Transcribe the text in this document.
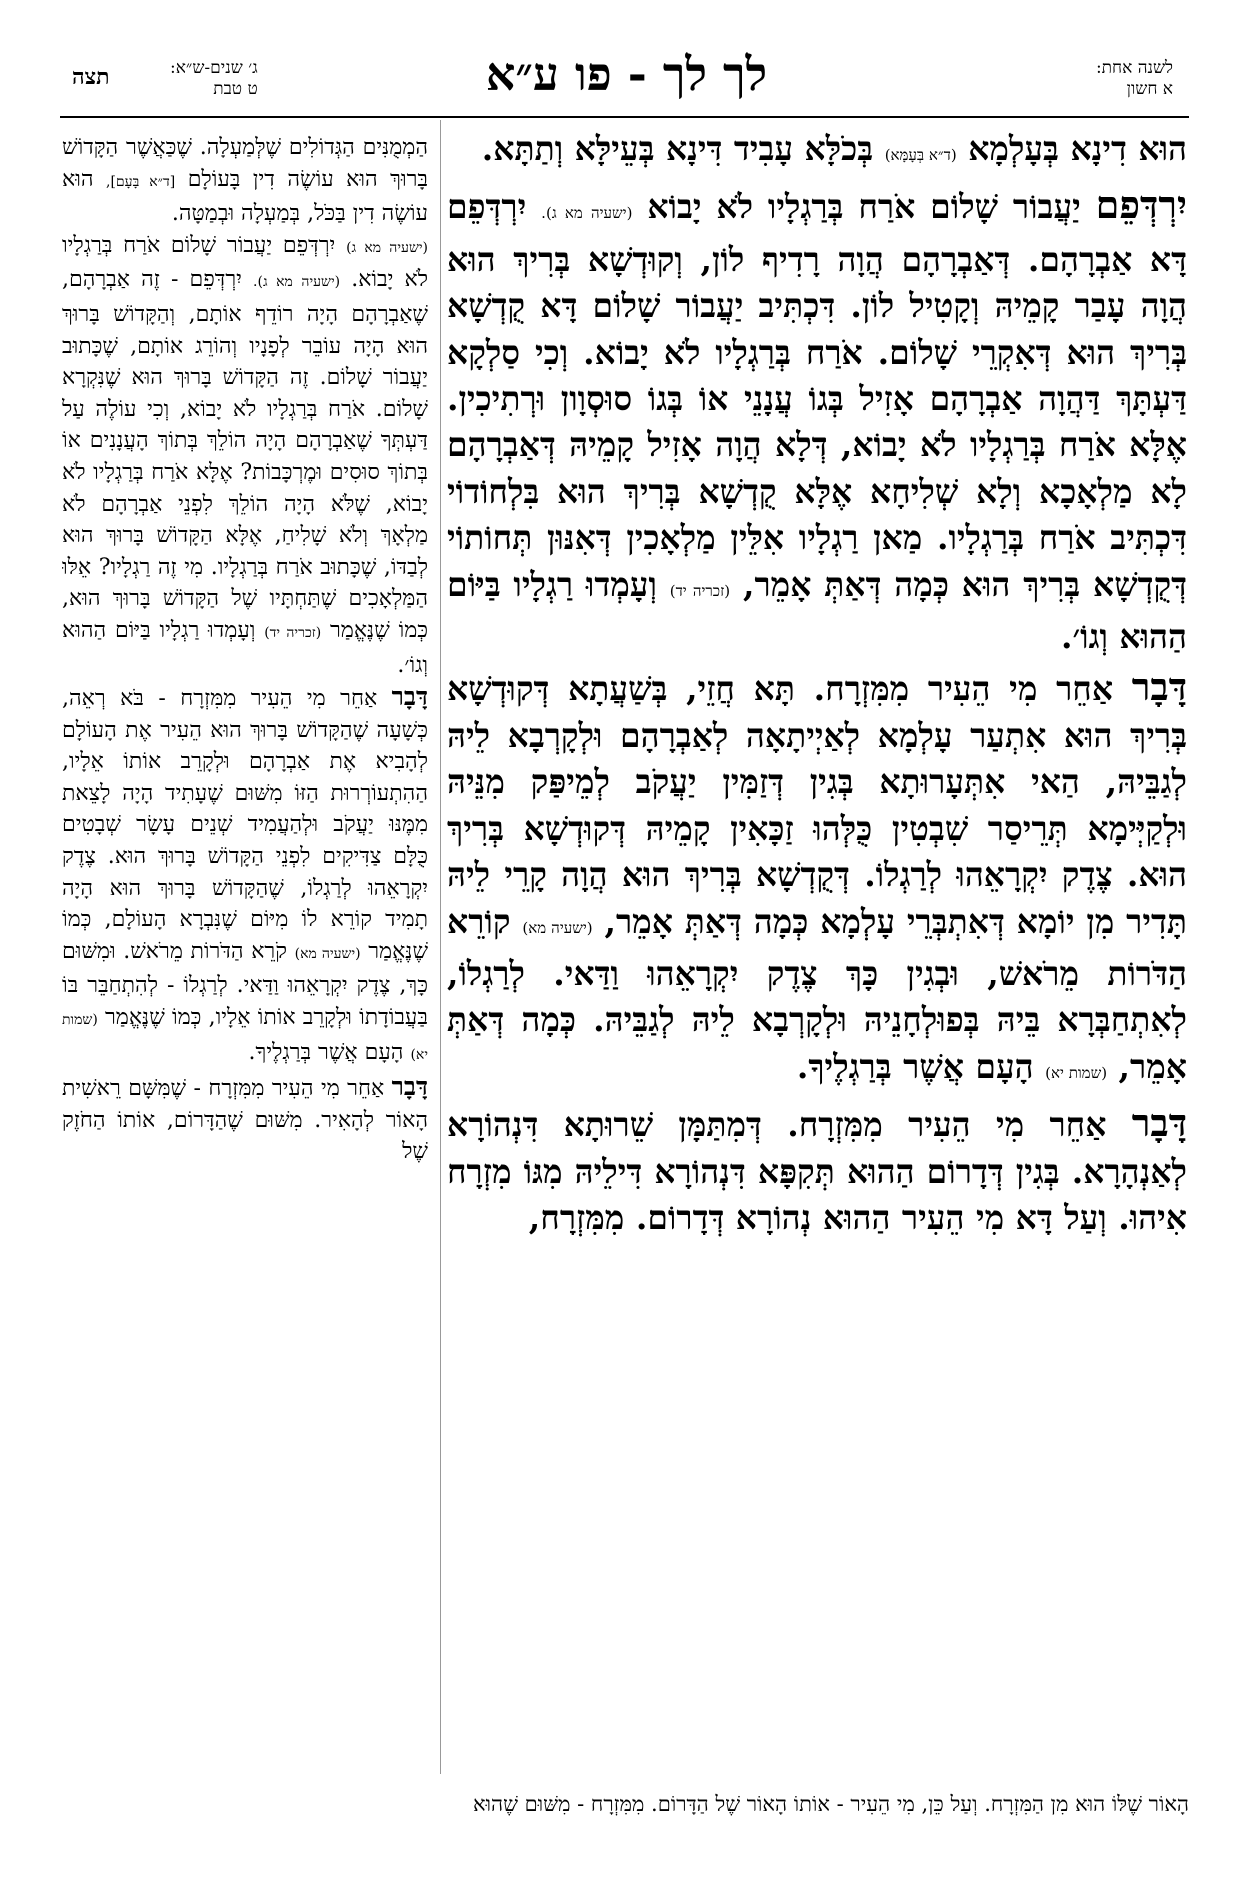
לשנה אחת:
א חשון
לך לך - פו ע״א
ג׳ שנים-ש״א:
ט טבת
תצה

הוּא דִינָא בְּעָלְמָא (ד״א בְּעָמָּא) בְּכֹלָּא עָבִיד דִּינָא בְּעֵילָּא וְתַתָּא.

יִרְדְּפֵם יַעֲבוֹר שָׁלוֹם אֹרַח בְּרַגְלָיו לֹא יָבוֹא (ישעיה מא ג). יִרְדְּפֵם דָּא אַבְרָהָם. דְּאַבְרָהָם הֲוָה רָדִיף לוֹן, וְקוּדְשָׁא בְּרִיךְ הוּא הֲוָה עָבַר קָמֵיהּ וְקָטִיל לוֹן. דִּכְתִּיב יַעֲבוֹר שָׁלוֹם דָּא קֻדְשָׁא בְּרִיךְ הוּא דְּאִקְרֵי שָׁלוֹם. אֹרַח בְּרַגְלָיו לֹא יָבוֹא. וְכִי סַלְקָא דַּעְתָּךְ דַּהֲוָה אַבְרָהָם אָזִיל בְּגוֹ עֲנָנֵי אוֹ בְּגוֹ סוּסְוָון וּרְתִיכִין. אֶלָּא אֹרַח בְּרַגְלָיו לֹא יָבוֹא, דְּלָא הֲוָה אָזִיל קָמֵיהּ דְּאַבְרָהָם לָא מַלְאָכָא וְלָא שְׁלִיחָא אֶלָּא קֻדְשָׁא בְּרִיךְ הוּא בִּלְחוֹדוֹי דִּכְתִּיב אֹרַח בְּרַגְלָיו. מַאן רַגְלָיו אִלֵּין מַלְאָכִין דְּאִנּוּן תְּחוֹתוֹי דְּקֻדְשָׁא בְּרִיךְ הוּא כְּמָה דְּאַתְּ אָמֵר, (זכריה יד) וְעָמְדוּ רַגְלָיו בַּיּוֹם הַהוּא וְגוֹ׳.

דָּבָר אַחֵר מִי הֵעִיר מִמִּזְרָח. תָּא חֲזֵי, בְּשַׁעֲתָא דְּקוּדְשָׁא בְּרִיךְ הוּא אִתְעַר עָלְמָא לְאַיְיתָאָה לְאַבְרָהָם וּלְקָרְבָא לֵיהּ לְגַבֵּיהּ, הַאי אִתְּעָרוּתָא בְּגִין דְּזַמִּין יַעֲקֹב לְמֵיפַּק מִנֵּיהּ וּלְקַיְּימָא תְּרֵיסַר שִׁבְטִין כֻּלְּהוּ זַכָּאִין קָמֵיהּ דְּקוּדְשָׁא בְּרִיךְ הוּא. צֶדֶק יִקְרָאֵהוּ לְרַגְלוֹ. דְּקֻדְשָׁא בְּרִיךְ הוּא הֲוָה קָרֵי לֵיהּ תָּדִיר מִן יוֹמָא דְּאִתְבְּרֵי עָלְמָא כְּמָה דְּאַתְּ אָמֵר, (ישעיה מא) קוֹרֵא הַדֹּרוֹת מֵרֹאשׁ, וּבְגִין כָּךְ צֶדֶק יִקְרָאֵהוּ וַדַּאי. לְרַגְלוֹ, לְאִתְחַבְּרָא בֵּיהּ בְּפוּלְחָנֵיהּ וּלְקָרְבָא לֵיהּ לְגַבֵּיהּ. כְּמָה דְּאַתְּ אָמֵר, (שמות יא) הָעָם אֲשֶׁר בְּרַגְלֶיךָ.

דָּבָר אַחֵר מִי הֵעִיר מִמִּזְרָח. דְּמִתַּמָּן שֵׁרוּתָא דִּנְהוֹרָא לְאַנְהָרָא. בְּגִין דְּדָרוֹם הַהוּא תְּקִפָּא דִּנְהוֹרָא דִּילֵיהּ מִגּוֹ מִזְרָח אִיהוּ. וְעַל דָּא מִי הֵעִיר הַהוּא נְהוֹרָא דְּדָרוֹם. מִמִּזְרָח,

הַמְמֻנִּים הַגְּדוֹלִים שֶׁלְּמַעְלָה. שֶׁכַּאֲשֶׁר הַקָּדוֹשׁ בָּרוּךְ הוּא עוֹשֶׂה דִין בָּעוֹלָם [ד״א בָּעָם], הוּא עוֹשֶׂה דִין בַּכֹּל, בְּמַעְלָה וּבְמַטָּה.

(ישעיה מא ג) יִרְדְּפֵם יַעֲבוֹר שָׁלוֹם אֹרַח בְּרַגְלָיו לֹא יָבוֹא. (ישעיה מא ג). יִרְדְּפֵם - זֶה אַבְרָהָם, שֶׁאַבְרָהָם הָיָה רוֹדֵף אוֹתָם, וְהַקָּדוֹשׁ בָּרוּךְ הוּא הָיָה עוֹבֵר לְפָנָיו וְהוֹרֵג אוֹתָם, שֶׁכָּתוּב יַעֲבוֹר שָׁלוֹם. זֶה הַקָּדוֹשׁ בָּרוּךְ הוּא שֶׁנִּקְרָא שָׁלוֹם. אֹרַח בְּרַגְלָיו לֹא יָבוֹא, וְכִי עוֹלֶה עַל דַּעְתְּךָ שֶׁאַבְרָהָם הָיָה הוֹלֵךְ בְּתוֹךְ הָעֲנָנִים אוֹ בְּתוֹךְ סוּסִים וּמֶרְכָּבוֹת? אֶלָּא אֹרַח בְּרַגְלָיו לֹא יָבוֹא, שֶׁלֹּא הָיָה הוֹלֵךְ לִפְנֵי אַבְרָהָם לֹא מַלְאָךְ וְלֹא שָׁלִיחַ, אֶלָּא הַקָּדוֹשׁ בָּרוּךְ הוּא לְבַדּוֹ, שֶׁכָּתוּב אֹרַח בְּרַגְלָיו. מִי זֶה רַגְלָיו? אֵלּוּ הַמַּלְאָכִים שֶׁתַּחְתָּיו שֶׁל הַקָּדוֹשׁ בָּרוּךְ הוּא, כְּמוֹ שֶׁנֶּאֱמַר (זכריה יד) וְעָמְדוּ רַגְלָיו בַּיּוֹם הַהוּא וְגוֹ׳.

דָּבָר אַחֵר מִי הֵעִיר מִמִּזְרָח - בֹּא רְאֵה, כְּשָׁעָה שֶׁהַקָּדוֹשׁ בָּרוּךְ הוּא הֵעִיר אֶת הָעוֹלָם לְהָבִיא אֶת אַבְרָהָם וּלְקָרֵב אוֹתוֹ אֵלָיו, הַהִתְעוֹרְרוּת הַזּוֹ מִשּׁוּם שֶׁעָתִיד הָיָה לָצֵאת מִמֶּנּוּ יַעֲקֹב וּלְהַעֲמִיד שְׁנֵים עָשָׂר שְׁבָטִים כֻּלָּם צַדִּיקִים לִפְנֵי הַקָּדוֹשׁ בָּרוּךְ הוּא. צֶדֶק יִקְרָאֵהוּ לְרַגְלוֹ, שֶׁהַקָּדוֹשׁ בָּרוּךְ הוּא הָיָה תָמִיד קוֹרֵא לוֹ מִיּוֹם שֶׁנִּבְרָא הָעוֹלָם, כְּמוֹ שֶׁנֶּאֱמַר (ישעיה מא) קֹרֵא הַדֹּרוֹת מֵרֹאשׁ. וּמִשּׁוּם כָּךְ, צֶדֶק יִקְרָאֵהוּ וַדַּאי. לְרַגְלוֹ - לְהִתְחַבֵּר בּוֹ בַּעֲבוֹדָתוֹ וּלְקָרֵב אוֹתוֹ אֵלָיו, כְּמוֹ שֶׁנֶּאֱמַר (שמות יא) הָעָם אֲשֶׁר בְּרַגְלֶיךָ.

דָּבָר אַחֵר מִי הֵעִיר מִמִּזְרָח - שֶׁמִּשָּׁם רֵאשִׁית הָאוֹר לְהָאִיר. מִשּׁוּם שֶׁהַדָּרוֹם, אוֹתוֹ הַחֹזֶק שֶׁל

הָאוֹר שֶׁלּוֹ הוּא מִן הַמִּזְרָח. וְעַל כֵּן, מִי הֵעִיר - אוֹתוֹ הָאוֹר שֶׁל הַדָּרוֹם. מִמִּזְרָח - מִשּׁוּם שֶׁהוּא
